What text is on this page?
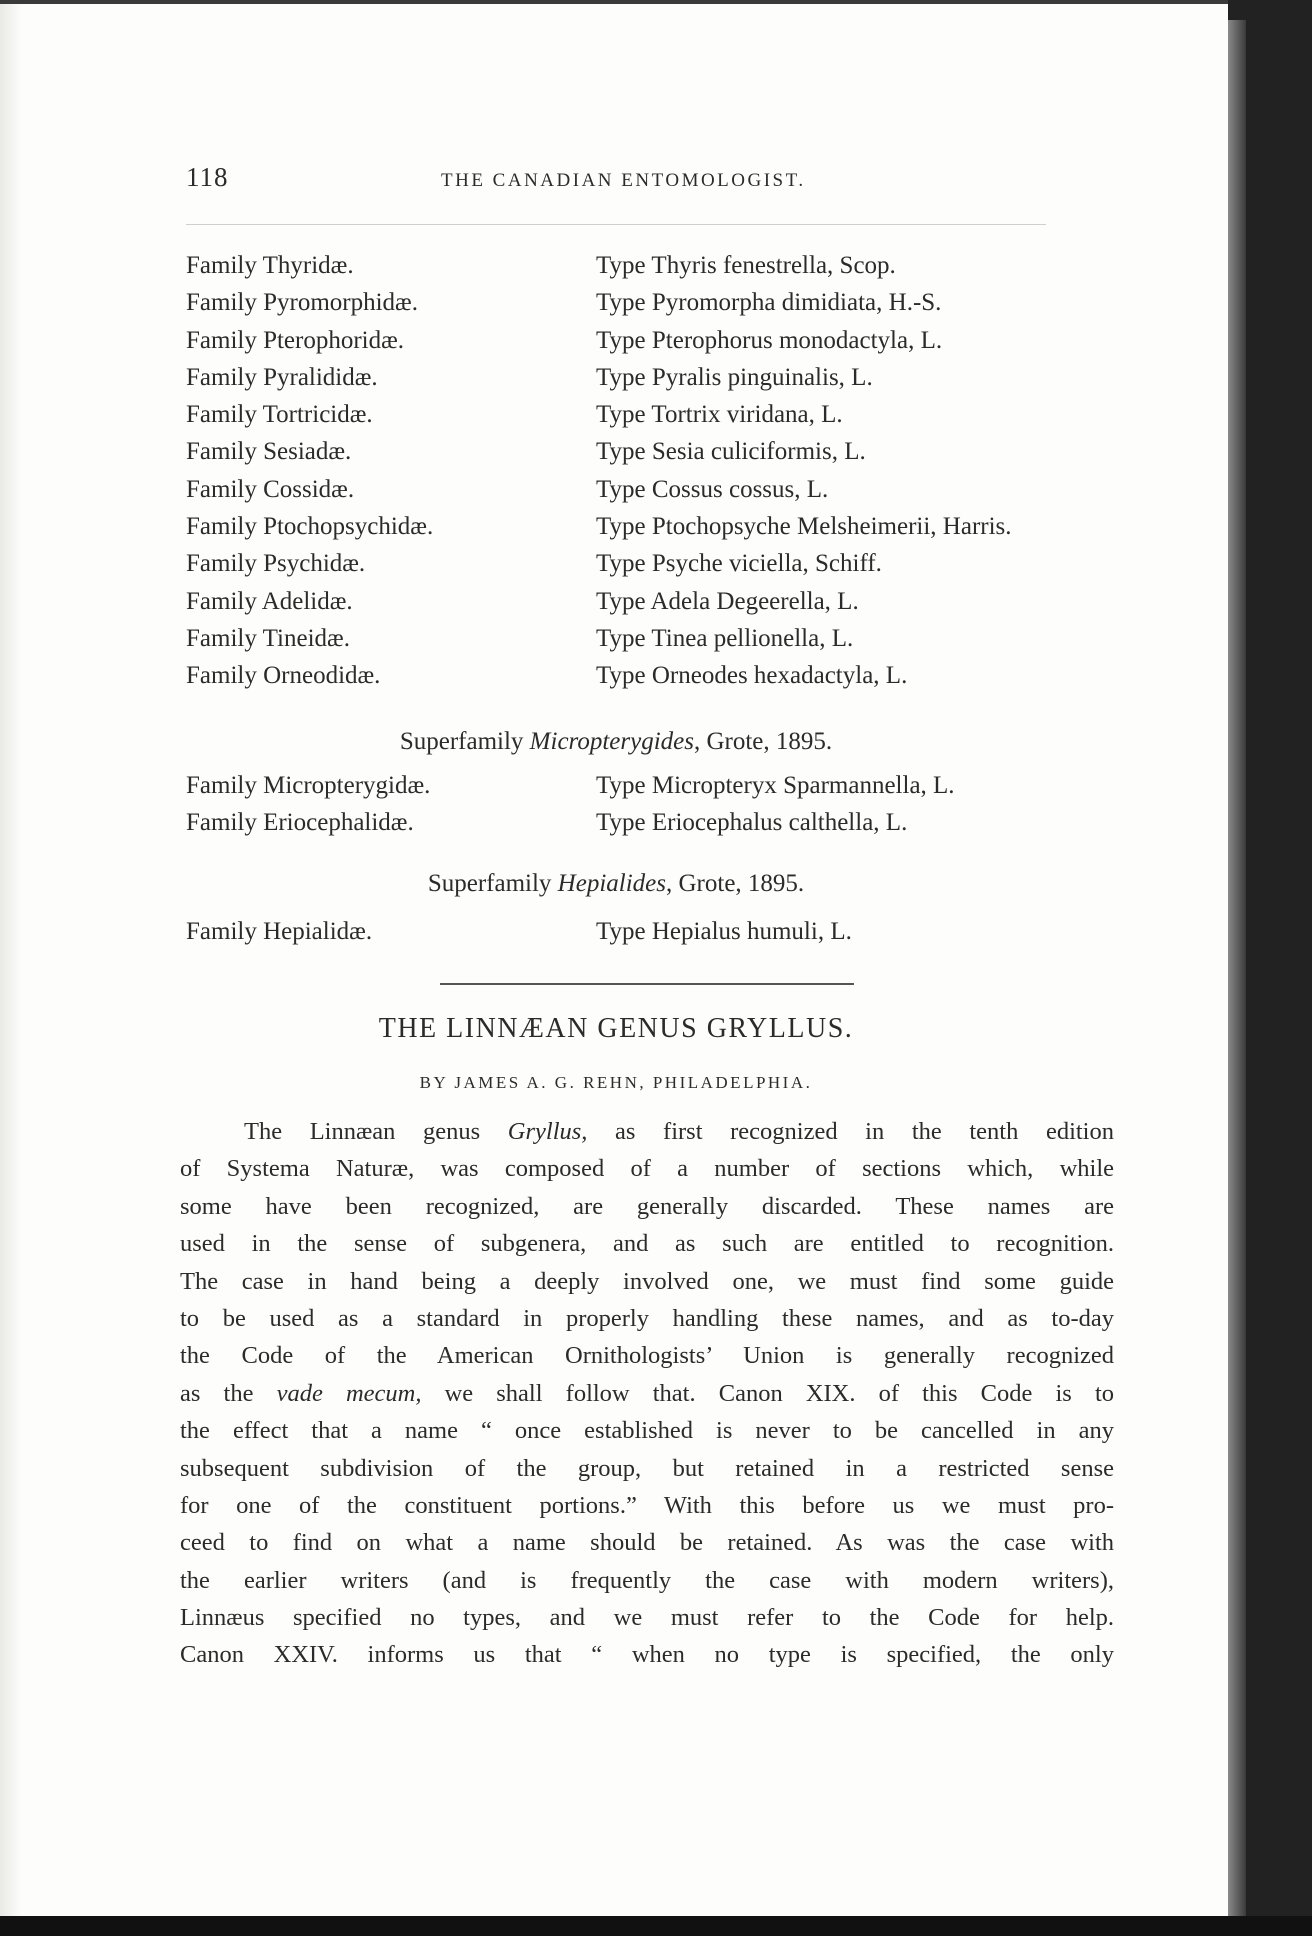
118	THE CANADIAN ENTOMOLOGIST.
Family Thyridæ.	Type Thyris fenestrella, Scop.
Family Pyromorphidæ.	Type Pyromorpha dimidiata, H.-S.
Family Pterophoridæ.	Type Pterophorus monodactyla, L.
Family Pyralididæ.	Type Pyralis pinguinalis, L.
Family Tortricidæ.	Type Tortrix viridana, L.
Family Sesiadæ.	Type Sesia culiciformis, L.
Family Cossidæ.	Type Cossus cossus, L.
Family Ptochopsychidæ.	Type Ptochopsyche Melsheimerii, Harris.
Family Psychidæ.	Type Psyche viciella, Schiff.
Family Adelidæ.	Type Adela Degeerella, L.
Family Tineidæ.	Type Tinea pellionella, L.
Family Orneodidæ.	Type Orneodes hexadactyla, L.
Superfamily Micropterygides, Grote, 1895.
Family Micropterygidæ.	Type Micropteryx Sparmannella, L.
Family Eriocephalidæ.	Type Eriocephalus calthella, L.
Superfamily Hepialides, Grote, 1895.
Family Hepialidæ.	Type Hepialus humuli, L.
THE LINNÆAN GENUS GRYLLUS.
BY JAMES A. G. REHN, PHILADELPHIA.
The Linnæan genus Gryllus, as first recognized in the tenth edition
of Systema Naturæ, was composed of a number of sections which, while
some have been recognized, are generally discarded. These names are
used in the sense of subgenera, and as such are entitled to recognition.
The case in hand being a deeply involved one, we must find some guide
to be used as a standard in properly handling these names, and as to-day
the Code of the American Ornithologists’ Union is generally recognized
as the vade mecum, we shall follow that. Canon XIX. of this Code is to
the effect that a name “ once established is never to be cancelled in any
subsequent subdivision of the group, but retained in a restricted sense
for one of the constituent portions.” With this before us we must pro-
ceed to find on what a name should be retained. As was the case with
the earlier writers (and is frequently the case with modern writers),
Linnæus specified no types, and we must refer to the Code for help.
Canon XXIV. informs us that “ when no type is specified, the only
